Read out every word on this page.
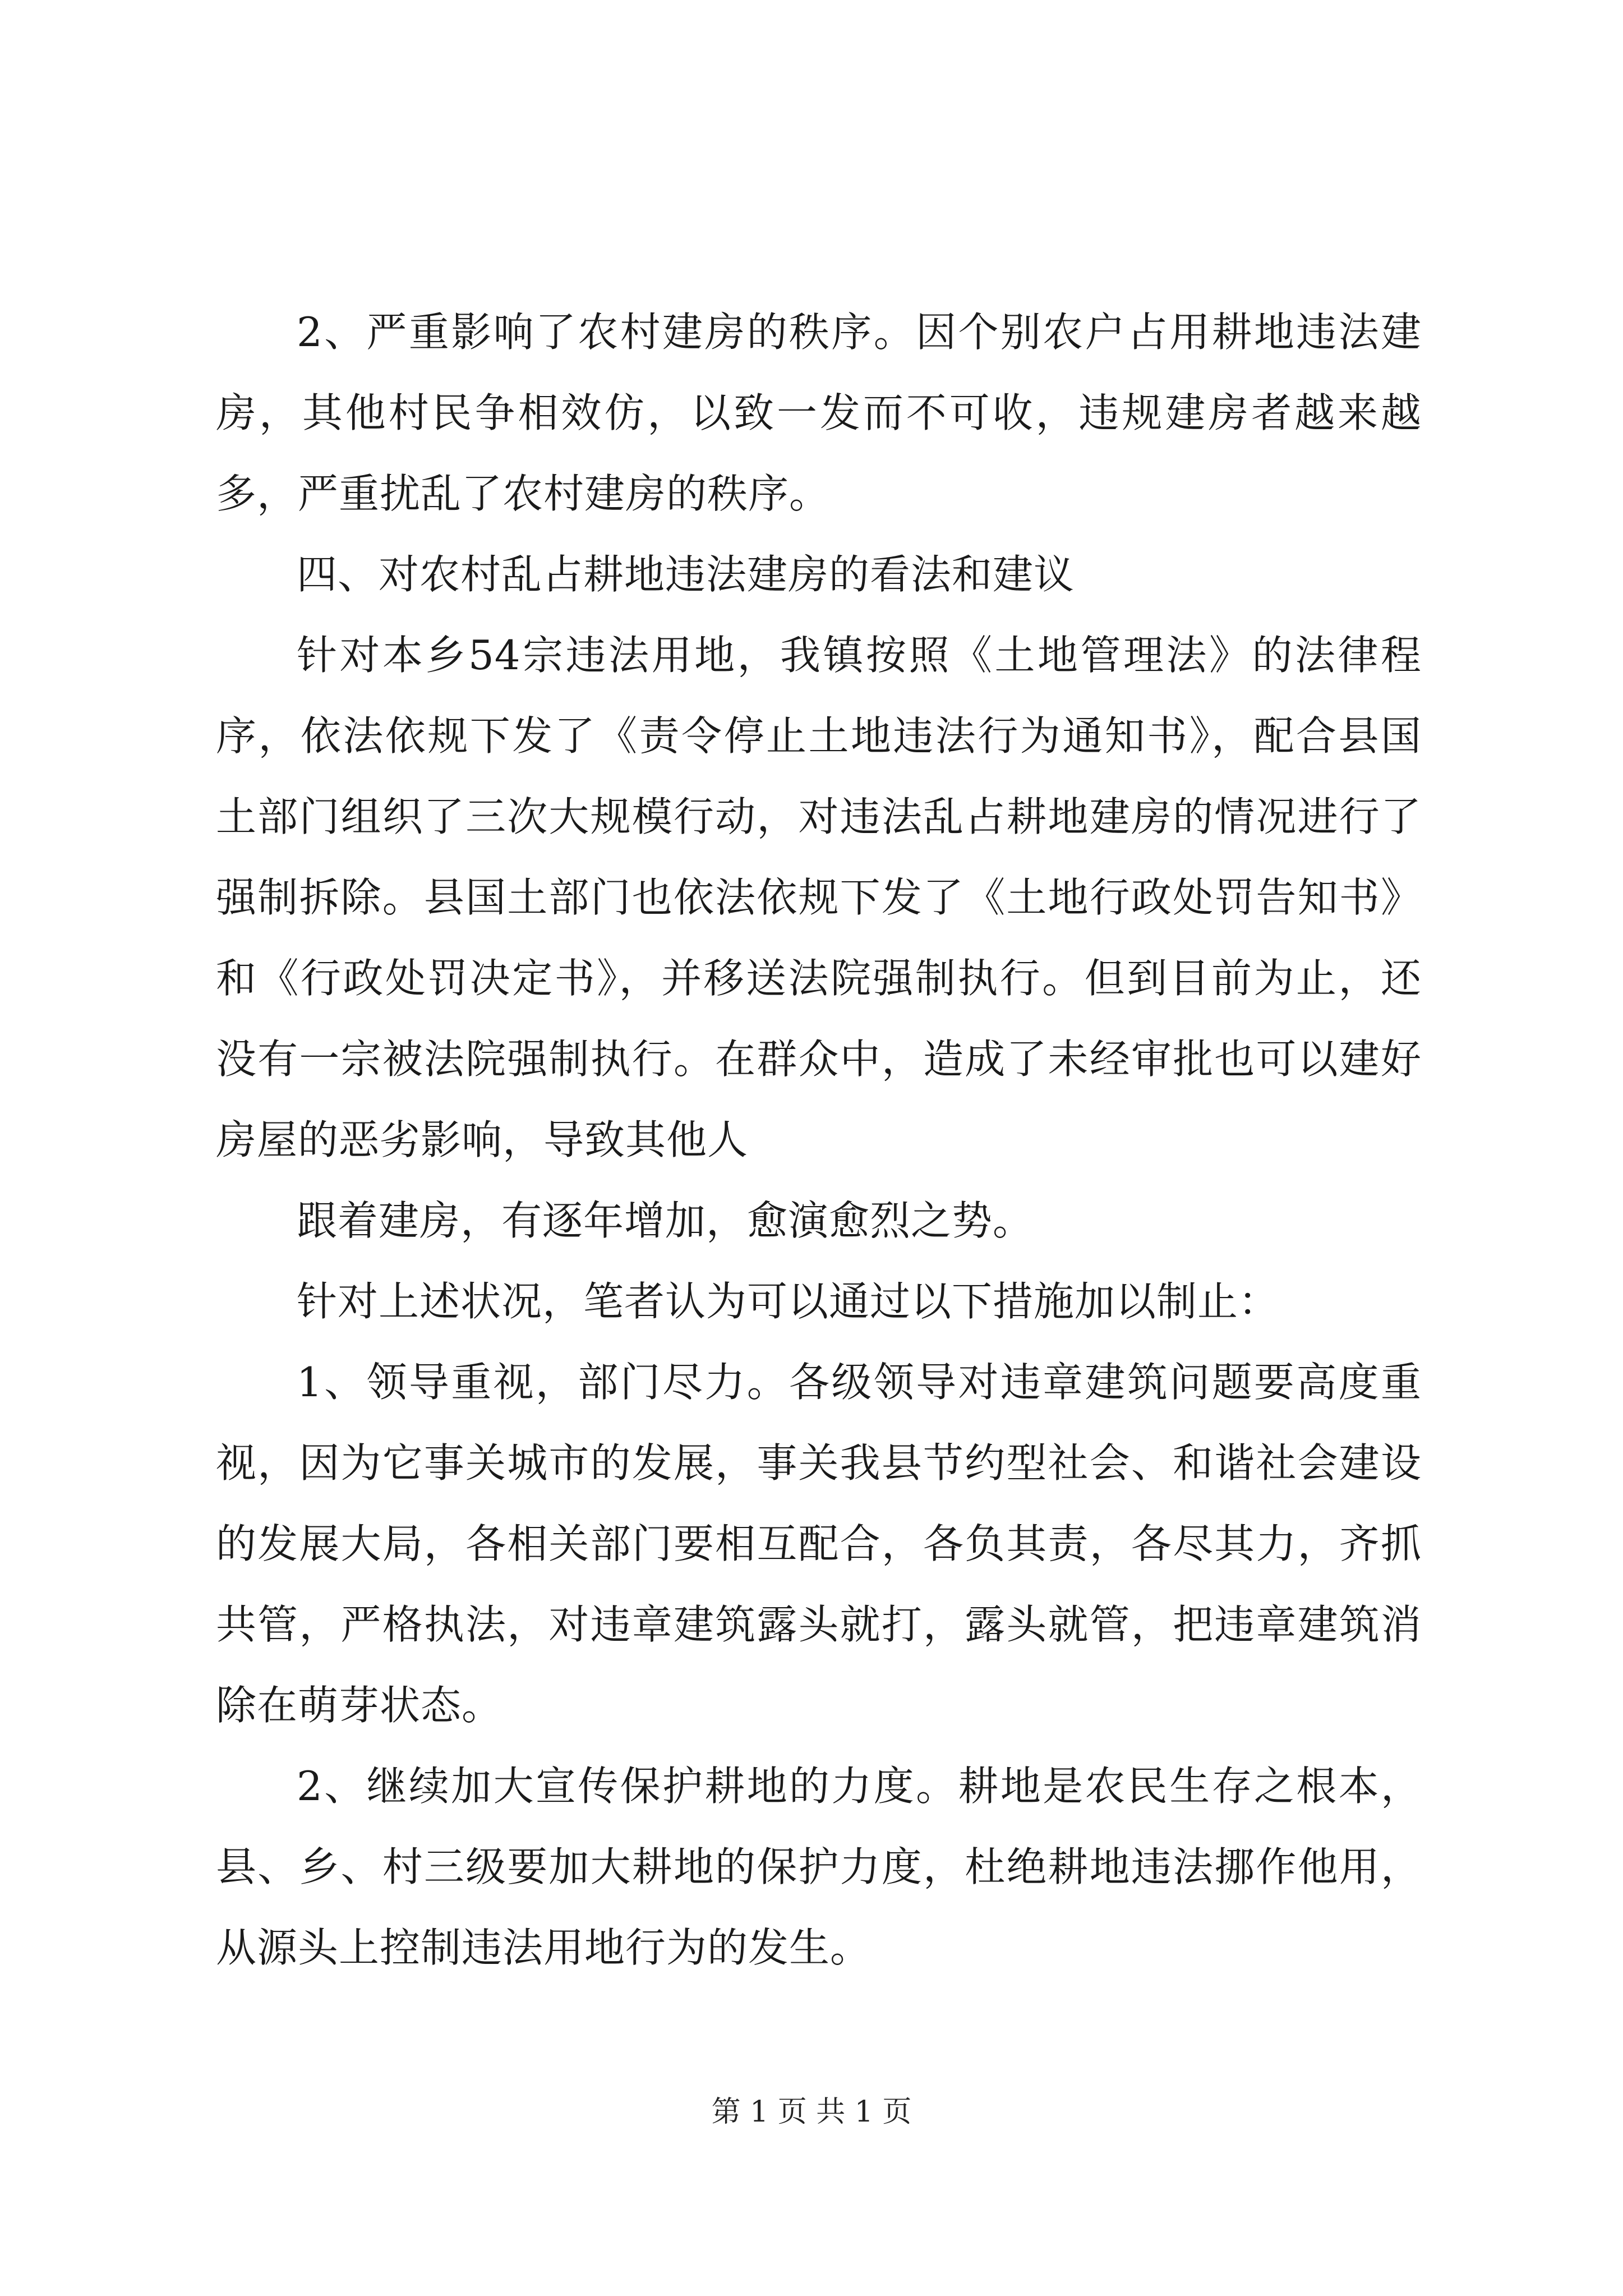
2、严重影响了农村建房的秩序。因个别农户占用耕地违法建房，其他村民争相效仿，以致一发而不可收，违规建房者越来越多，严重扰乱了农村建房的秩序。

四、对农村乱占耕地违法建房的看法和建议

针对本乡54宗违法用地，我镇按照《土地管理法》的法律程序，依法依规下发了《责令停止土地违法行为通知书》，配合县国土部门组织了三次大规模行动，对违法乱占耕地建房的情况进行了强制拆除。县国土部门也依法依规下发了《土地行政处罚告知书》和《行政处罚决定书》，并移送法院强制执行。但到目前为止，还没有一宗被法院强制执行。在群众中，造成了未经审批也可以建好房屋的恶劣影响，导致其他人

跟着建房，有逐年增加，愈演愈烈之势。

针对上述状况，笔者认为可以通过以下措施加以制止：

1、领导重视，部门尽力。各级领导对违章建筑问题要高度重视，因为它事关城市的发展，事关我县节约型社会、和谐社会建设的发展大局，各相关部门要相互配合，各负其责，各尽其力，齐抓共管，严格执法，对违章建筑露头就打，露头就管，把违章建筑消除在萌芽状态。

2、继续加大宣传保护耕地的力度。耕地是农民生存之根本，县、乡、村三级要加大耕地的保护力度，杜绝耕地违法挪作他用，从源头上控制违法用地行为的发生。

第 1 页 共 1 页
